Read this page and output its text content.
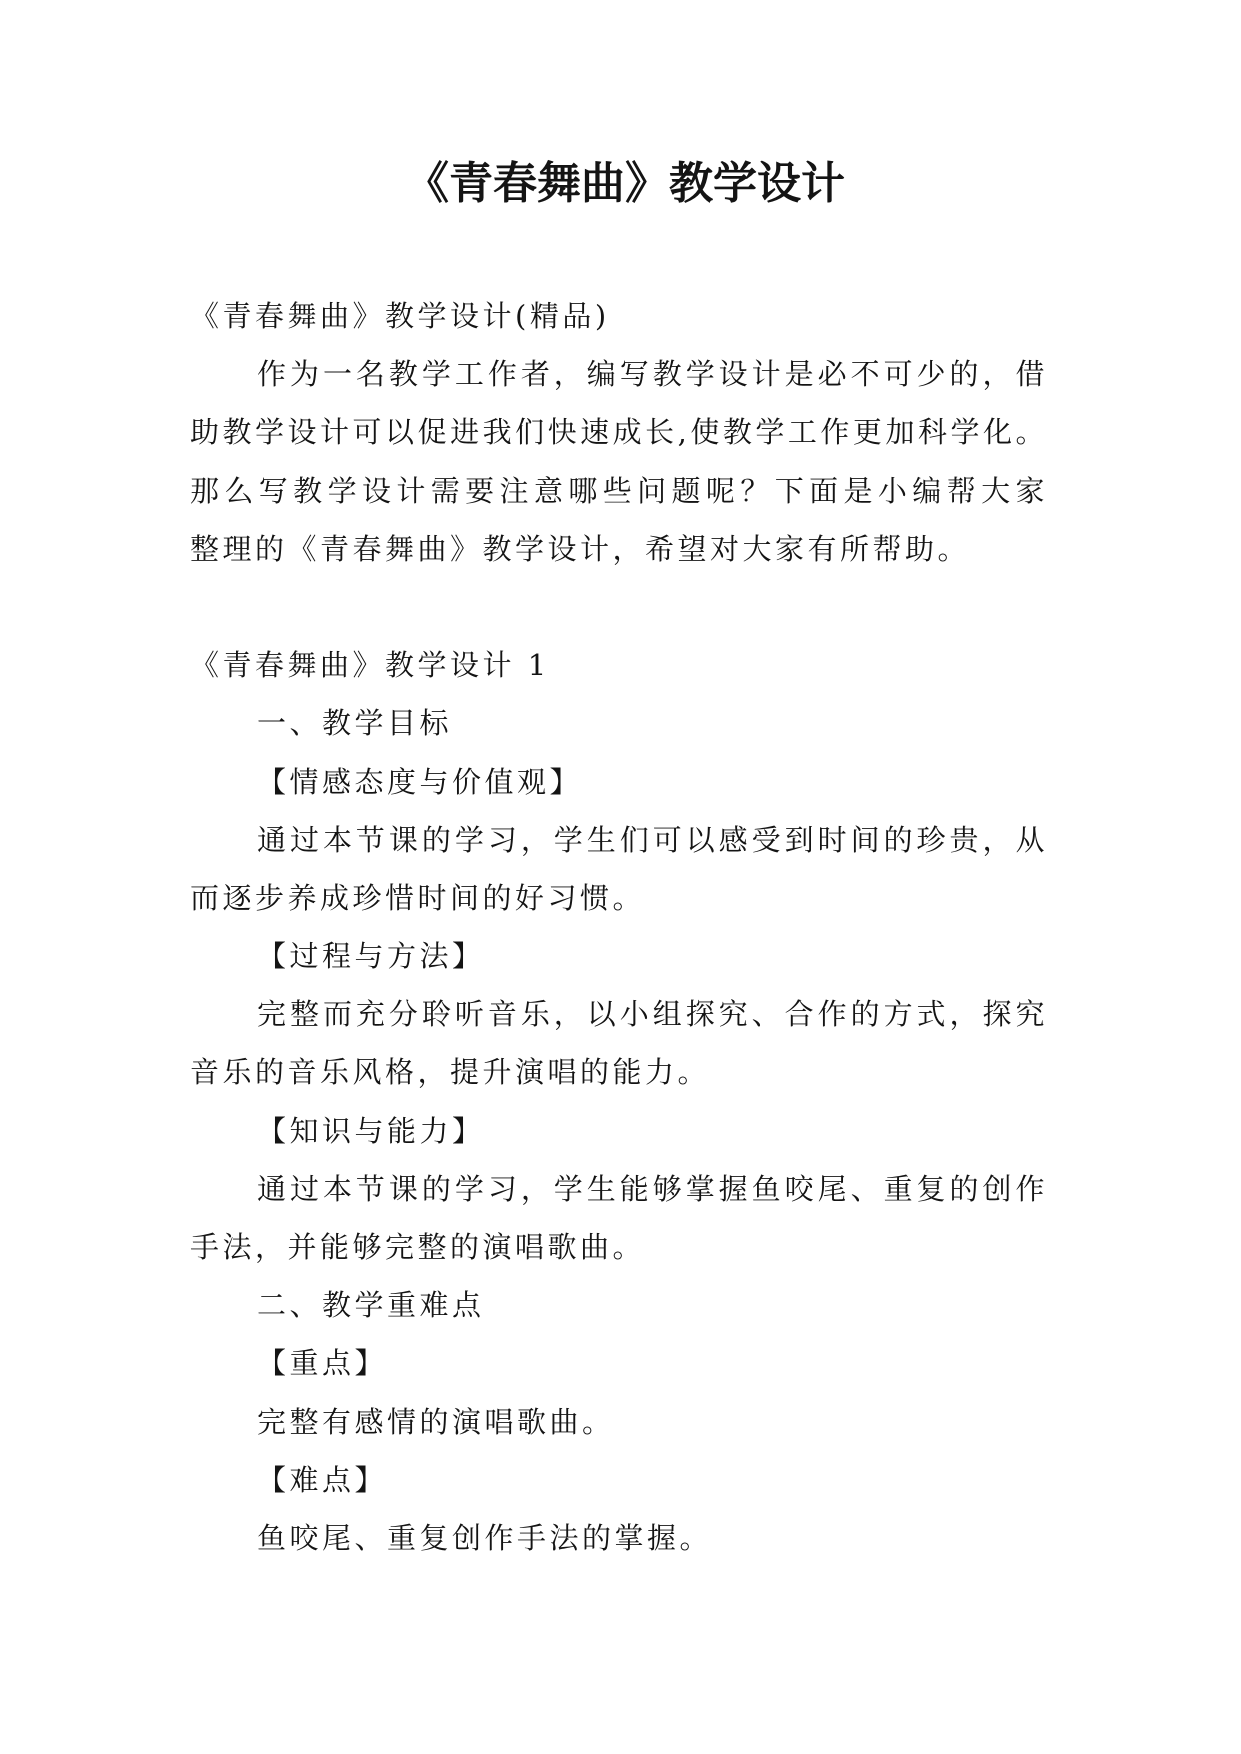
《青春舞曲》教学设计
《青春舞曲》教学设计(精品)
作为一名教学工作者，编写教学设计是必不可少的，借
助教学设计可以促进我们快速成长,使教学工作更加科学化。
那么写教学设计需要注意哪些问题呢？下面是小编帮大家
整理的《青春舞曲》教学设计，希望对大家有所帮助。
《青春舞曲》教学设计 1
一、教学目标
【情感态度与价值观】
通过本节课的学习，学生们可以感受到时间的珍贵，从
而逐步养成珍惜时间的好习惯。
【过程与方法】
完整而充分聆听音乐，以小组探究、合作的方式，探究
音乐的音乐风格，提升演唱的能力。
【知识与能力】
通过本节课的学习，学生能够掌握鱼咬尾、重复的创作
手法，并能够完整的演唱歌曲。
二、教学重难点
【重点】
完整有感情的演唱歌曲。
【难点】
鱼咬尾、重复创作手法的掌握。
